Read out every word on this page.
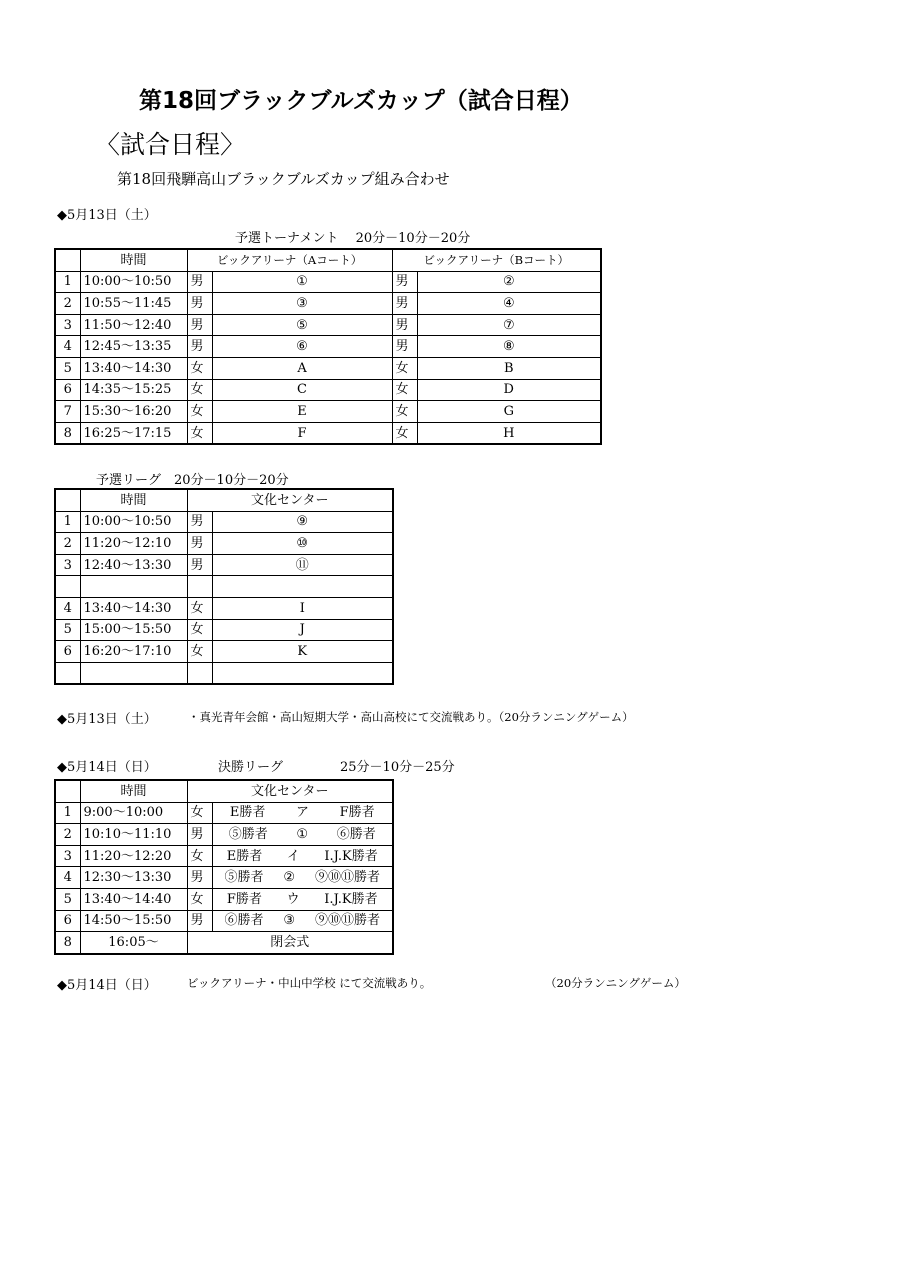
第18回ブラックブルズカップ（試合日程）
〈試合日程〉
第18回飛騨高山ブラックブルズカップ組み合わせ
◆5月13日（土）
予選トーナメント　 20分－10分－20分
	時間	ビックアリーナ（Aコート）		ビックアリーナ（Bコート）	
1	10:00～10:50	男	①	男	②
2	10:55～11:45	男	③	男	④
3	11:50～12:40	男	⑤	男	⑦
4	12:45～13:35	男	⑥	男	⑧
5	13:40～14:30	女	A	女	B
6	14:35～15:25	女	C	女	D
7	15:30～16:20	女	E	女	G
8	16:25～17:15	女	F	女	H
予選リーグ　20分－10分－20分
	時間	文化センター	
1	10:00～10:50	男	⑨
2	11:20～12:10	男	⑩
3	12:40～13:30	男	⑪

4	13:40～14:30	女	I
5	15:00～15:50	女	J
6	16:20～17:10	女	K

◆5月13日（土）	・真光青年会館・高山短期大学・高山高校にて交流戦あり。（20分ランニングゲーム）
◆5月14日（日）	決勝リーグ	25分－10分－25分
	時間	文化センター	
1	9:00～10:00	女	E勝者 ア F勝者

2	10:10～11:10	男	⑤勝者 ① ⑥勝者

3	11:20～12:20	女	E勝者 イ I.J.K勝者

4	12:30～13:30	男	⑤勝者 ② ⑨⑩⑪勝者

5	13:40～14:40	女	F勝者 ウ I.J.K勝者

6	14:50～15:50	男	⑥勝者 ③ ⑨⑩⑪勝者

8	16:05～	閉会式	
◆5月14日（日）	ビックアリーナ・中山中学校 にて交流戦あり。	（20分ランニングゲーム）
